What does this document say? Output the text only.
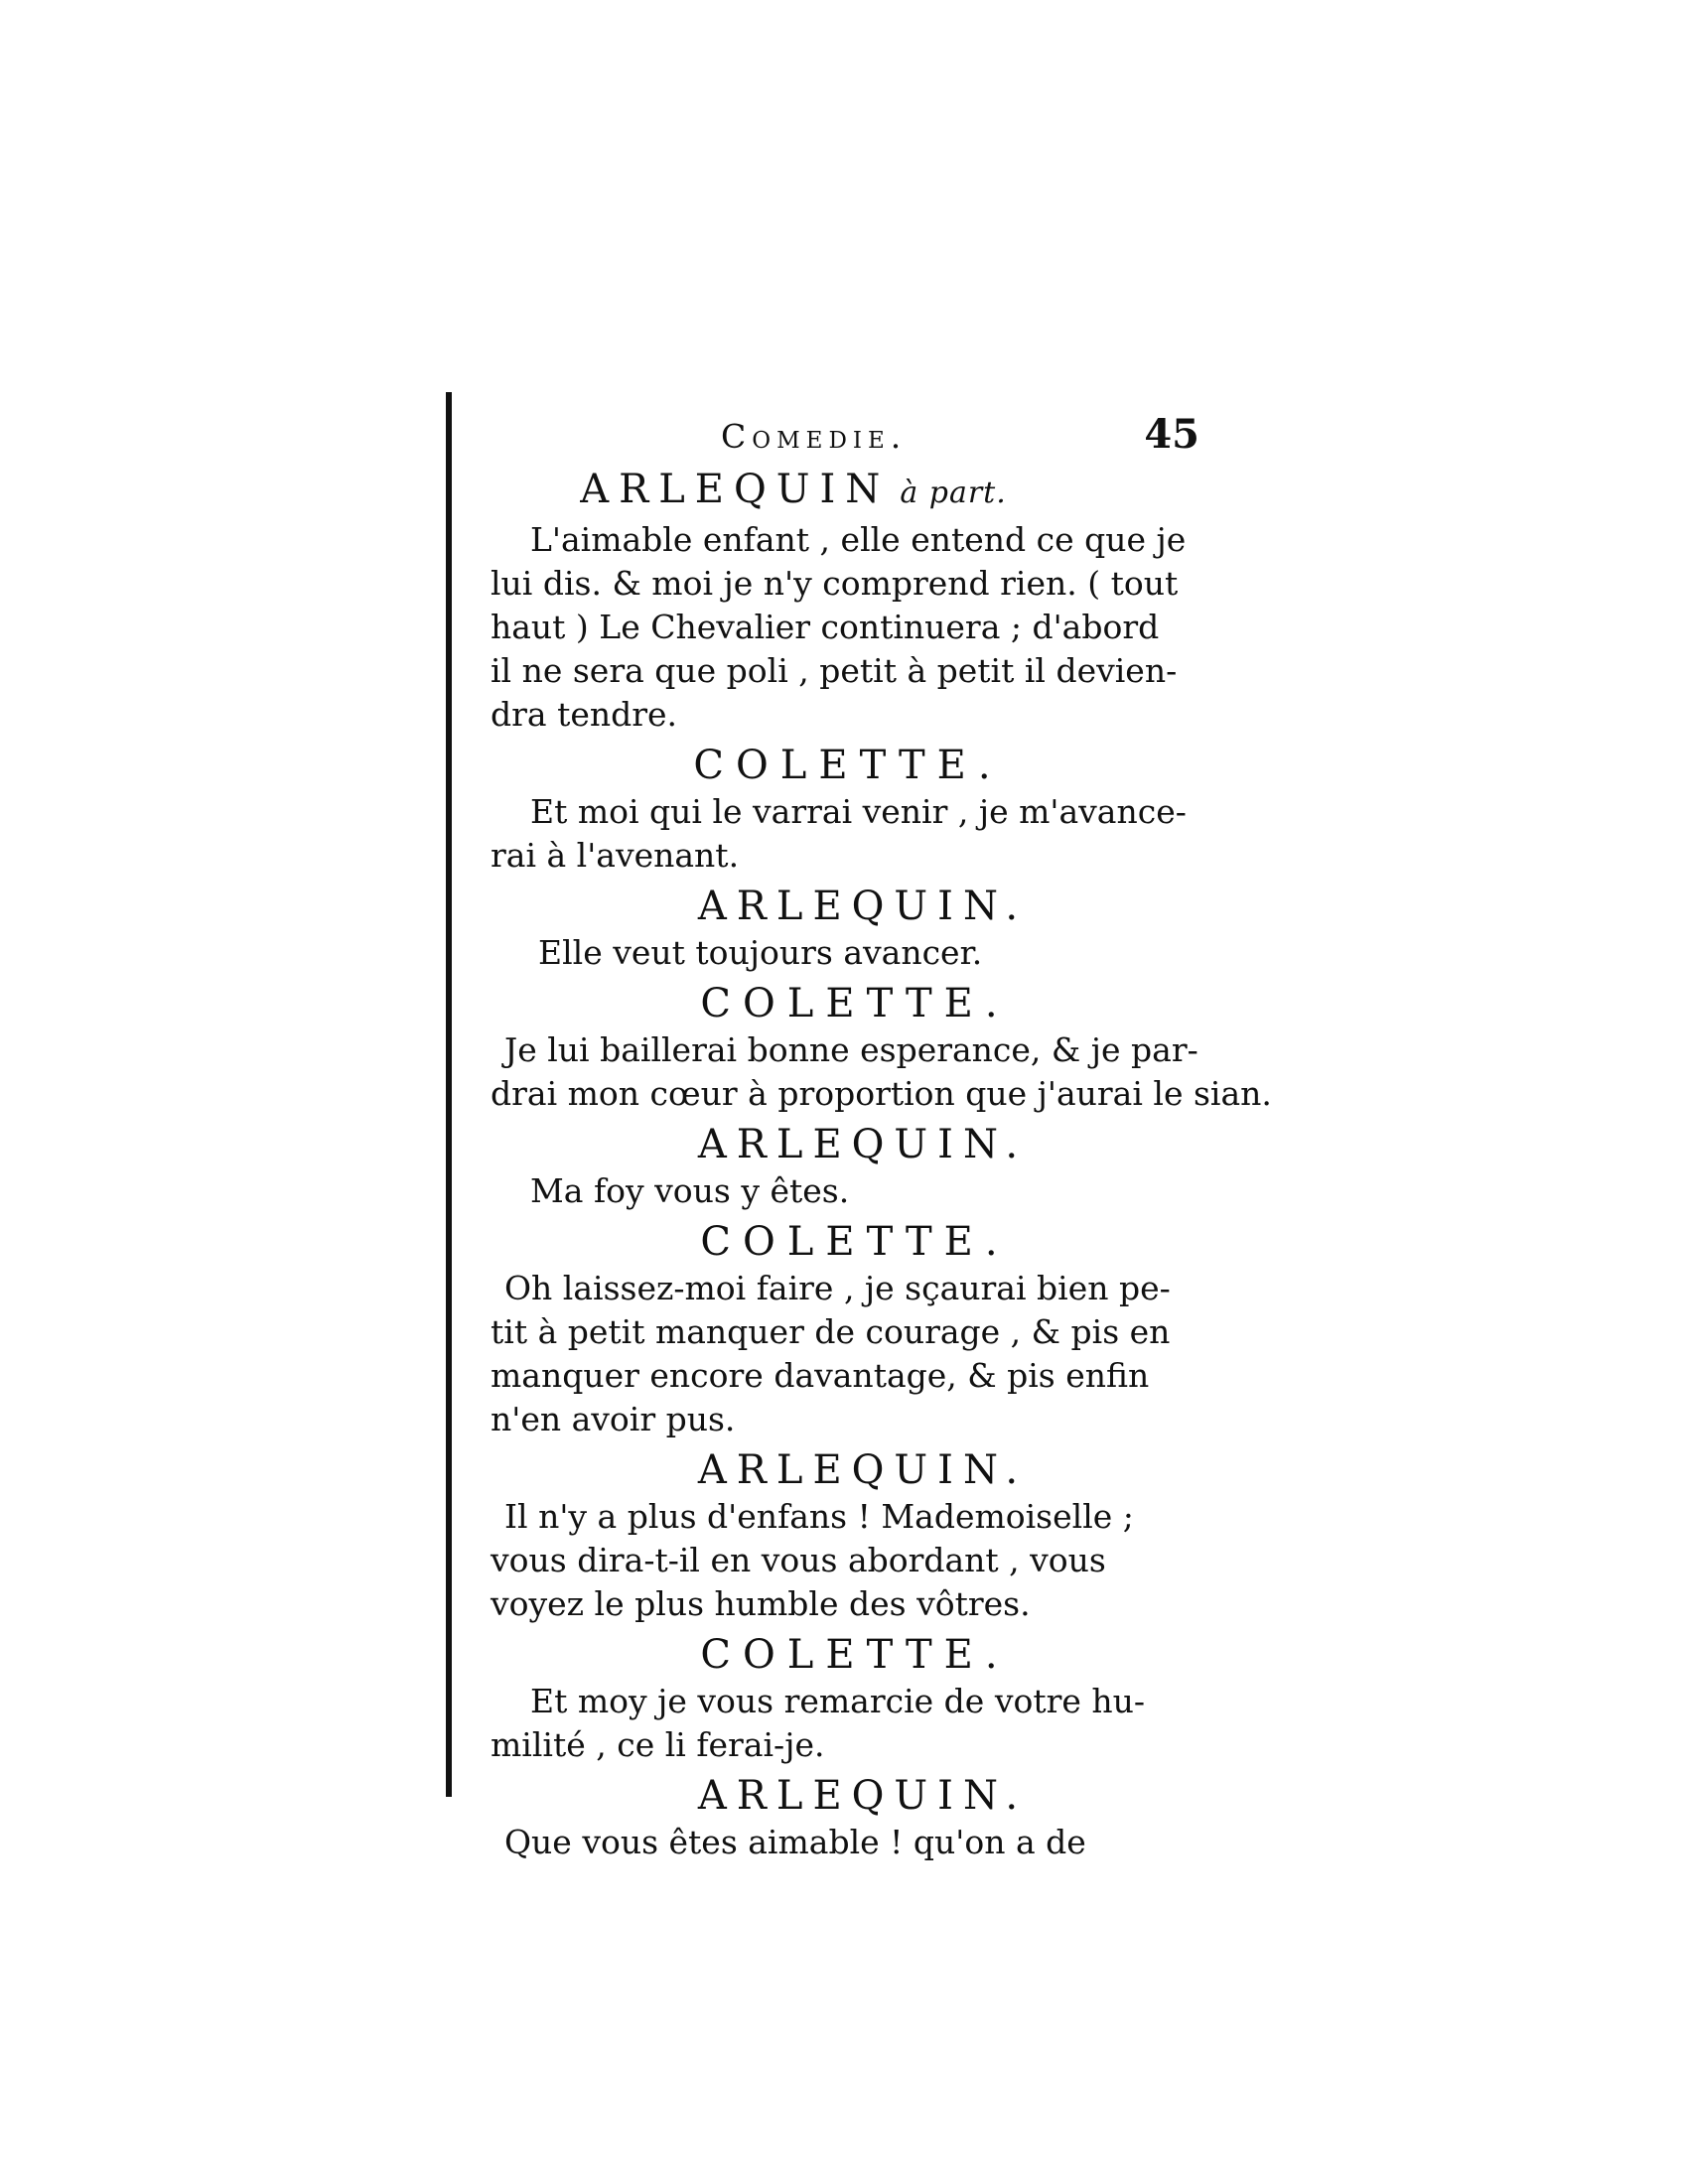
Comedie.	45

ARLEQUIN à part.

L'aimable enfant , elle entend ce que je
lui dis. & moi je n'y comprend rien. ( tout
haut ) Le Chevalier continuera ; d'abord
il ne sera que poli , petit à petit il devien-
dra tendre.

COLETTE.

Et moi qui le varrai venir , je m'avance-
rai à l'avenant.

ARLEQUIN.

Elle veut toujours avancer.

COLETTE.

Je lui baillerai bonne esperance, & je par-
drai mon cœur à proportion que j'aurai le sian.

ARLEQUIN.

Ma foy vous y êtes.

COLETTE.

Oh laissez-moi faire , je sçaurai bien pe-
tit à petit manquer de courage , & pis en
manquer encore davantage, & pis enfin
n'en avoir pus.

ARLEQUIN.

Il n'y a plus d'enfans ! Mademoiselle ;
vous dira-t-il en vous abordant , vous
voyez le plus humble des vôtres.

COLETTE.

Et moy je vous remarcie de votre hu-
milité , ce li ferai-je.

ARLEQUIN.

Que vous êtes aimable ! qu'on a de
